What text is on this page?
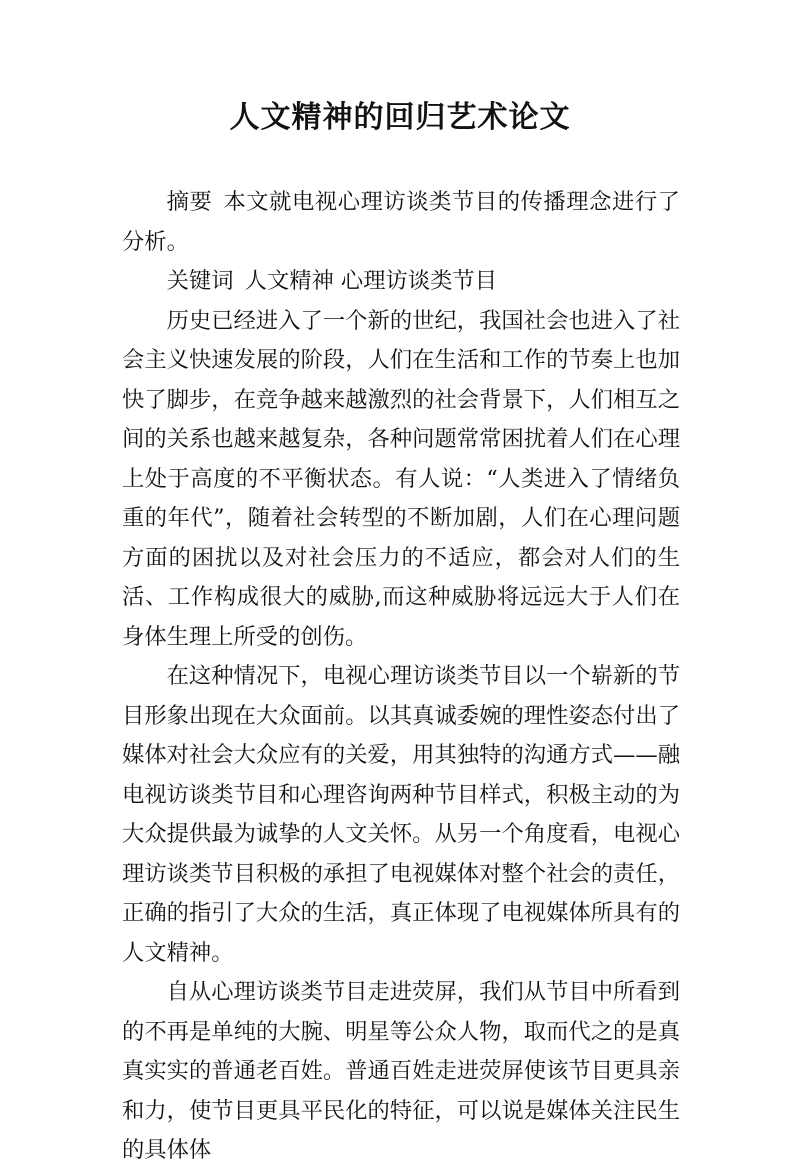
人文精神的回归艺术论文

摘要 本文就电视心理访谈类节目的传播理念进行了分析。

关键词 人文精神 心理访谈类节目

历史已经进入了一个新的世纪，我国社会也进入了社会主义快速发展的阶段，人们在生活和工作的节奏上也加快了脚步，在竞争越来越激烈的社会背景下，人们相互之间的关系也越来越复杂，各种问题常常困扰着人们在心理上处于高度的不平衡状态。有人说：“人类进入了情绪负重的年代”，随着社会转型的不断加剧，人们在心理问题方面的困扰以及对社会压力的不适应，都会对人们的生活、工作构成很大的威胁,而这种威胁将远远大于人们在身体生理上所受的创伤。

在这种情况下，电视心理访谈类节目以一个崭新的节目形象出现在大众面前。以其真诚委婉的理性姿态付出了媒体对社会大众应有的关爱，用其独特的沟通方式——融电视访谈类节目和心理咨询两种节目样式，积极主动的为大众提供最为诚挚的人文关怀。从另一个角度看，电视心理访谈类节目积极的承担了电视媒体对整个社会的责任，正确的指引了大众的生活，真正体现了电视媒体所具有的人文精神。

自从心理访谈类节目走进荧屏，我们从节目中所看到的不再是单纯的大腕、明星等公众人物，取而代之的是真真实实的普通老百姓。普通百姓走进荧屏使该节目更具亲和力，使节目更具平民化的特征，可以说是媒体关注民生的具体体
